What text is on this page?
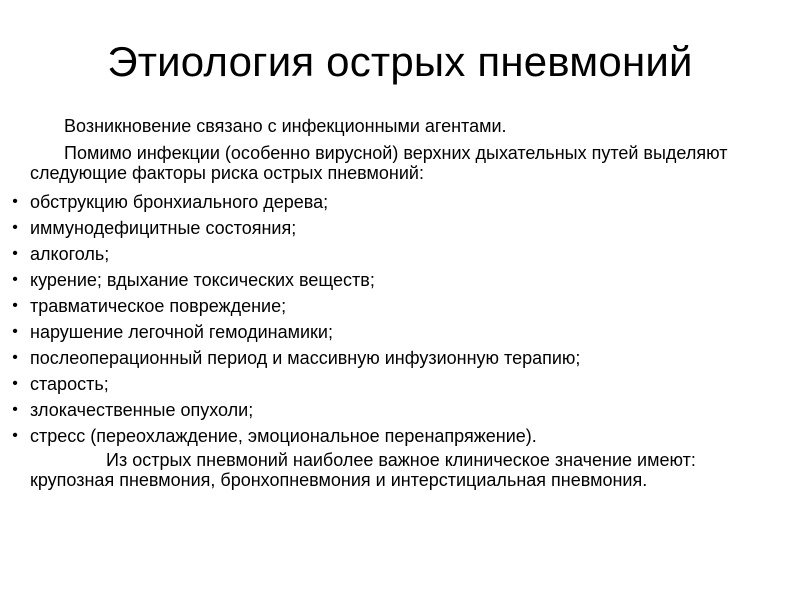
Этиология острых пневмоний

Возникновение связано с инфекционными агентами.

Помимо инфекции (особенно вирусной) верхних дыхательных путей выделяют следующие факторы риска острых пневмоний:

• обструкцию бронхиального дерева;
• иммунодефицитные состояния;
• алкоголь;
• курение; вдыхание токсических веществ;
• травматическое повреждение;
• нарушение легочной гемодинамики;
• послеоперационный период и массивную инфузионную терапию;
• старость;
• злокачественные опухоли;
• стресс (переохлаждение, эмоциональное перенапряжение).

Из острых пневмоний наиболее важное клиническое значение имеют: крупозная пневмония, бронхопневмония и интерстициальная пневмония.
